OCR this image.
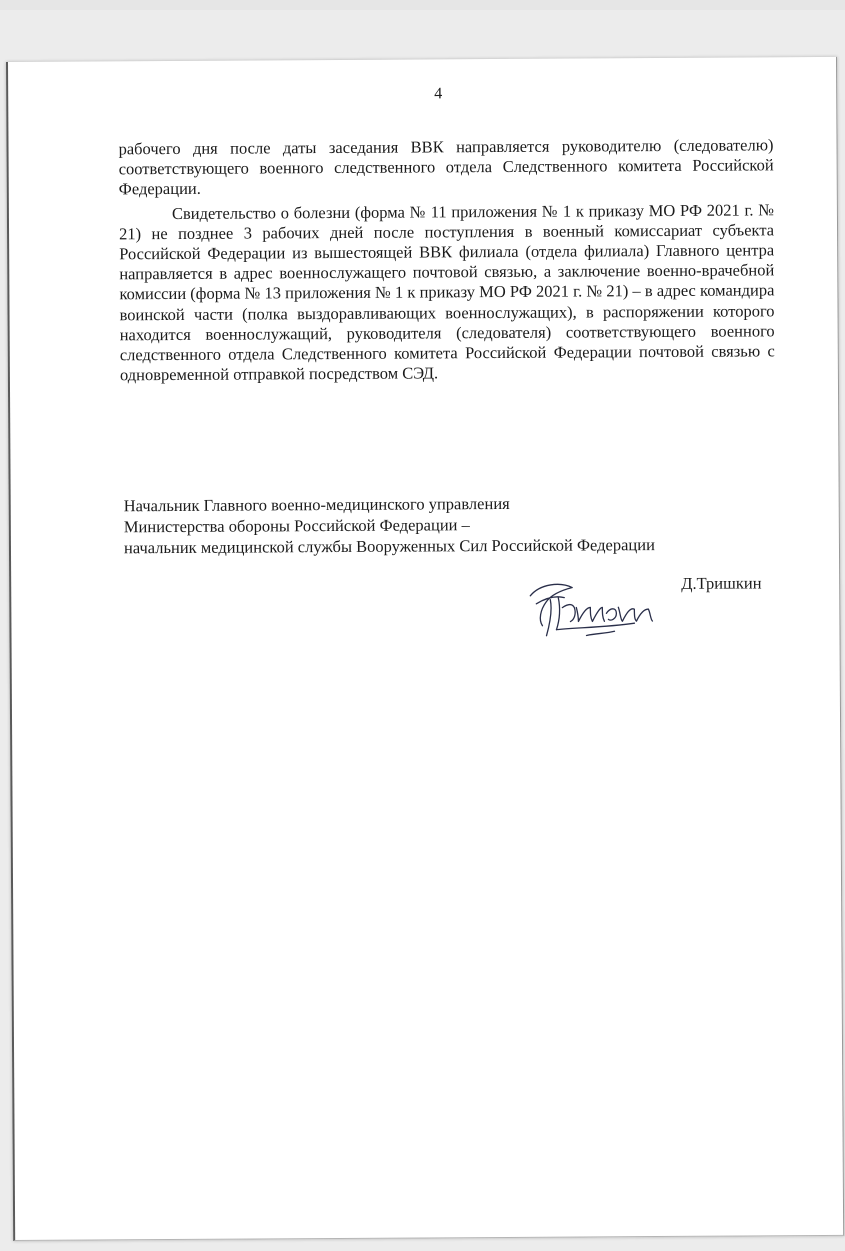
4

рабочего дня после даты заседания ВВК направляется руководителю (следователю) соответствующего военного следственного отдела Следственного комитета Российской Федерации.

Свидетельство о болезни (форма № 11 приложения № 1 к приказу МО РФ 2021 г. № 21) не позднее 3 рабочих дней после поступления в военный комиссариат субъекта Российской Федерации из вышестоящей ВВК филиала (отдела филиала) Главного центра направляется в адрес военнослужащего почтовой связью, а заключение военно-врачебной комиссии (форма № 13 приложения № 1 к приказу МО РФ 2021 г. № 21) – в адрес командира воинской части (полка выздоравливающих военнослужащих), в распоряжении которого находится военнослужащий, руководителя (следователя) соответствующего военного следственного отдела Следственного комитета Российской Федерации почтовой связью с одновременной отправкой посредством СЭД.

Начальник Главного военно-медицинского управления
Министерства обороны Российской Федерации –
начальник медицинской службы Вооруженных Сил Российской Федерации
Д.Тришкин
